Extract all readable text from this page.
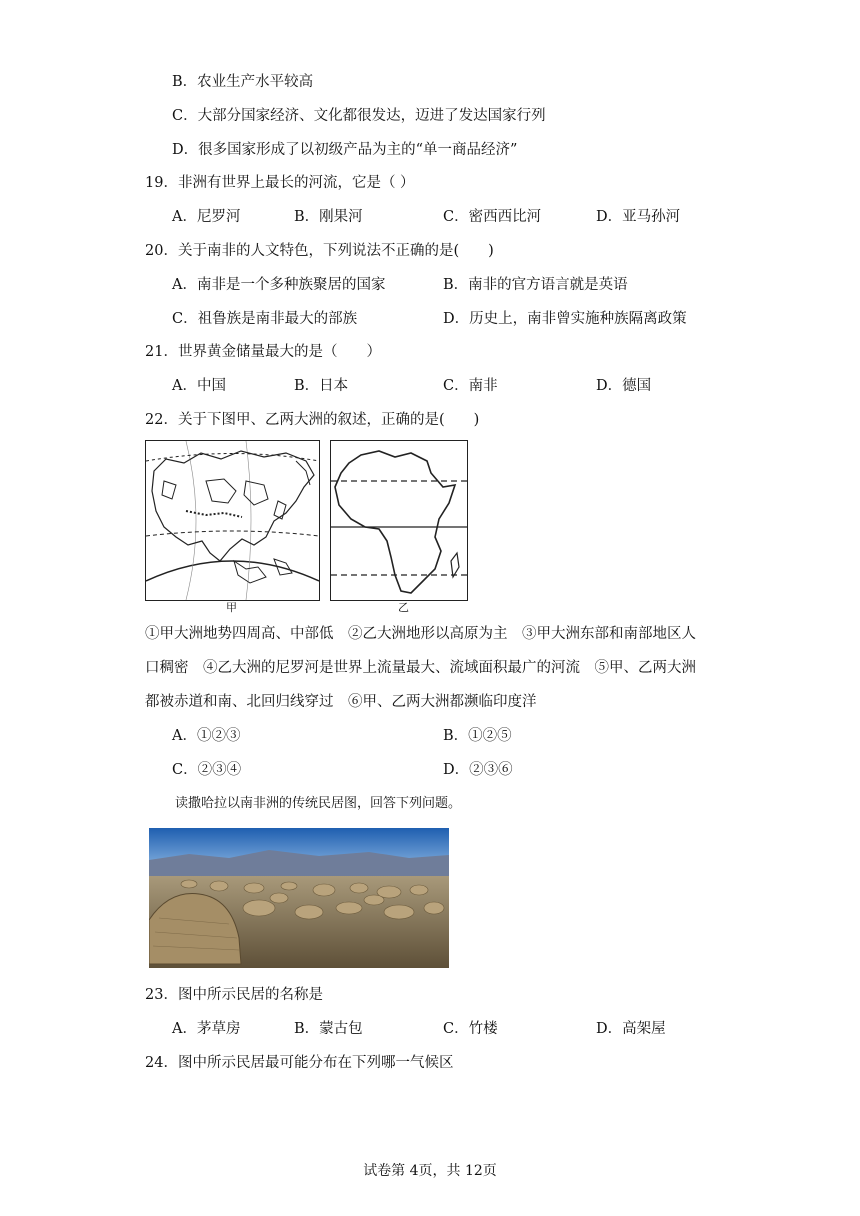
B．农业生产水平较高
C．大部分国家经济、文化都很发达，迈进了发达国家行列
D．很多国家形成了以初级产品为主的“单一商品经济”
19．非洲有世界上最长的河流，它是（ ）
A．尼罗河	B．刚果河	C．密西西比河	D．亚马孙河
20．关于南非的人文特色，下列说法不正确的是(　　)
A．南非是一个多种族聚居的国家	B．南非的官方语言就是英语
C．祖鲁族是南非最大的部族	D．历史上，南非曾实施种族隔离政策
21．世界黄金储量最大的是（　　）
A．中国	B．日本	C．南非	D．德国
22．关于下图甲、乙两大洲的叙述，正确的是(　　)
甲	乙
①甲大洲地势四周高、中部低　②乙大洲地形以高原为主　③甲大洲东部和南部地区人
口稠密　④乙大洲的尼罗河是世界上流量最大、流域面积最广的河流　⑤甲、乙两大洲
都被赤道和南、北回归线穿过　⑥甲、乙两大洲都濒临印度洋
A．①②③	B．①②⑤
C．②③④	D．②③⑥
读撒哈拉以南非洲的传统民居图，回答下列问题。
23．图中所示民居的名称是
A．茅草房	B．蒙古包	C．竹楼	D．高架屋
24．图中所示民居最可能分布在下列哪一气候区
试卷第 4页，共 12页
